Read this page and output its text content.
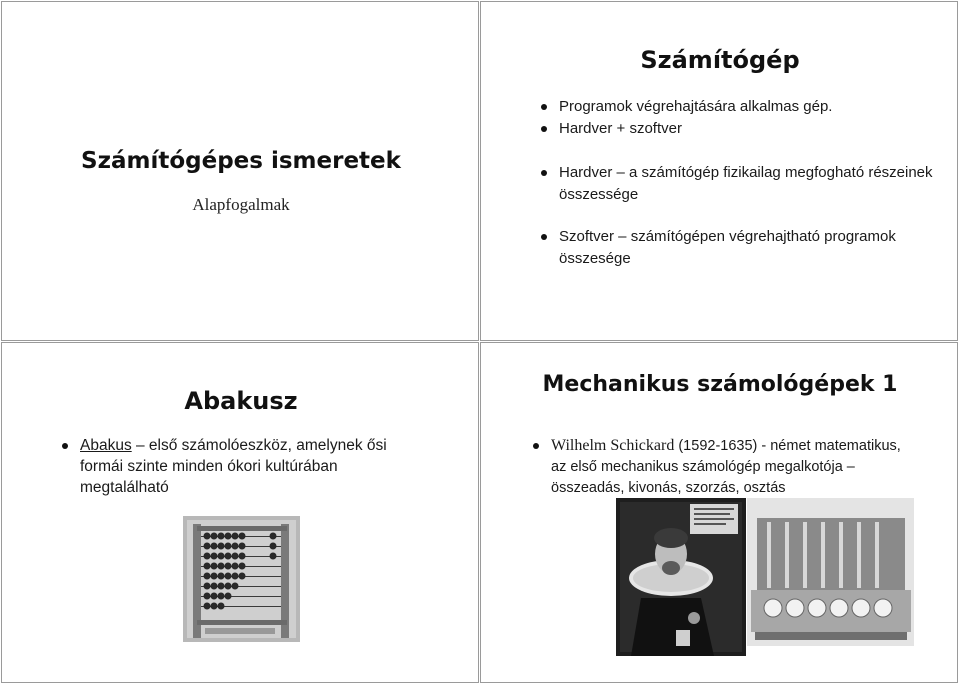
Számítógépes ismeretek
Alapfogalmak
Számítógép
Programok végrehajtására alkalmas gép.
Hardver + szoftver
Hardver – a számítógép fizikailag megfogható részeinek összessége
Szoftver – számítógépen végrehajtható programok összesége
Abakusz
Abakus – első számolóeszköz, amelynek ősi formái szinte minden ókori kultúrában megtalálható
Mechanikus számológépek 1
Wilhelm Schickard (1592-1635) - német matematikus, az első mechanikus számológép megalkotója – összeadás, kivonás, szorzás, osztás
